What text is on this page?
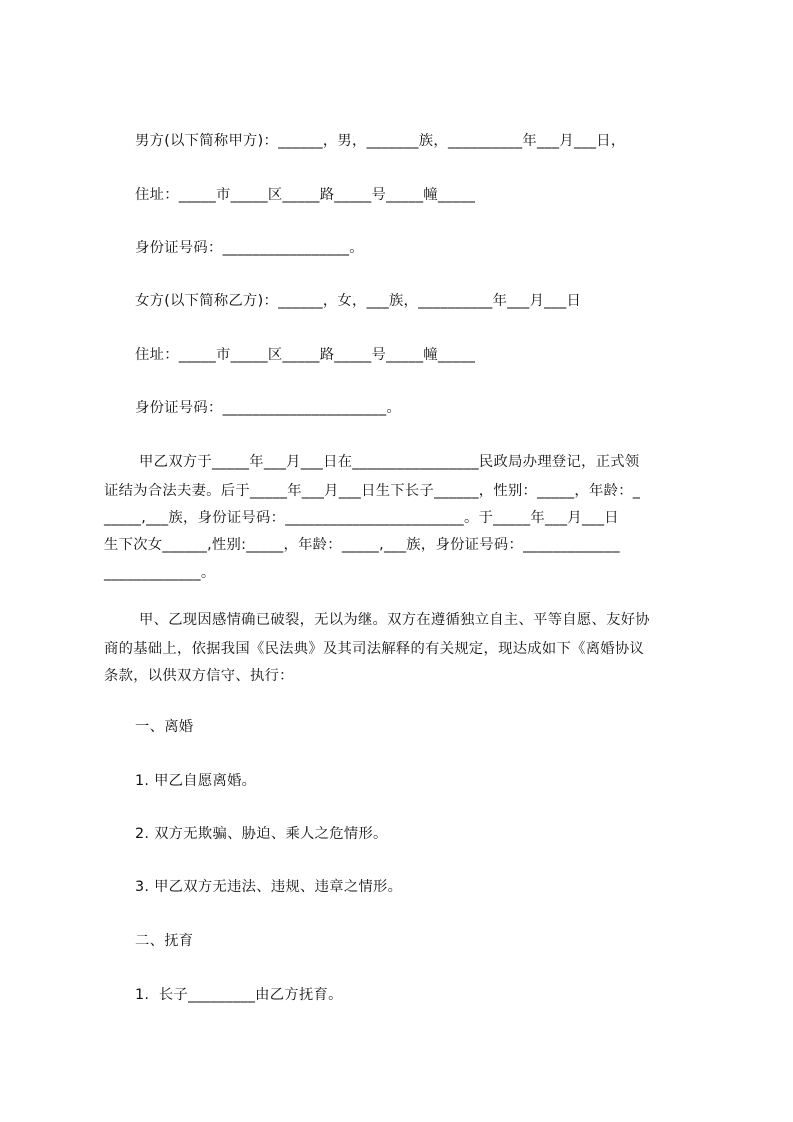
男方(以下简称甲方)：______，男，_______族，__________年___月___日，
住址：_____市_____区_____路_____号_____幢_____
身份证号码：_________________。
女方(以下简称乙方)：______，女，___族，__________年___月___日
住址：_____市_____区_____路_____号_____幢_____
身份证号码：______________________。
甲乙双方于_____年___月___日在_________________民政局办理登记，正式领
证结为合法夫妻。后于_____年___月___日生下长子______，性别：_____，年龄：_
_____,___族，身份证号码：________________________。于_____年___月___日
生下次女______,性别:_____，年龄：_____,___族，身份证号码：_____________
_____________。
甲、乙现因感情确已破裂，无以为继。双方在遵循独立自主、平等自愿、友好协
商的基础上，依据我国《民法典》及其司法解释的有关规定，现达成如下《离婚协议
条款，以供双方信守、执行：
一、离婚
1. 甲乙自愿离婚。
2. 双方无欺骗、胁迫、乘人之危情形。
3. 甲乙双方无违法、违规、违章之情形。
二、抚育
1.  长子_________由乙方抚育。
